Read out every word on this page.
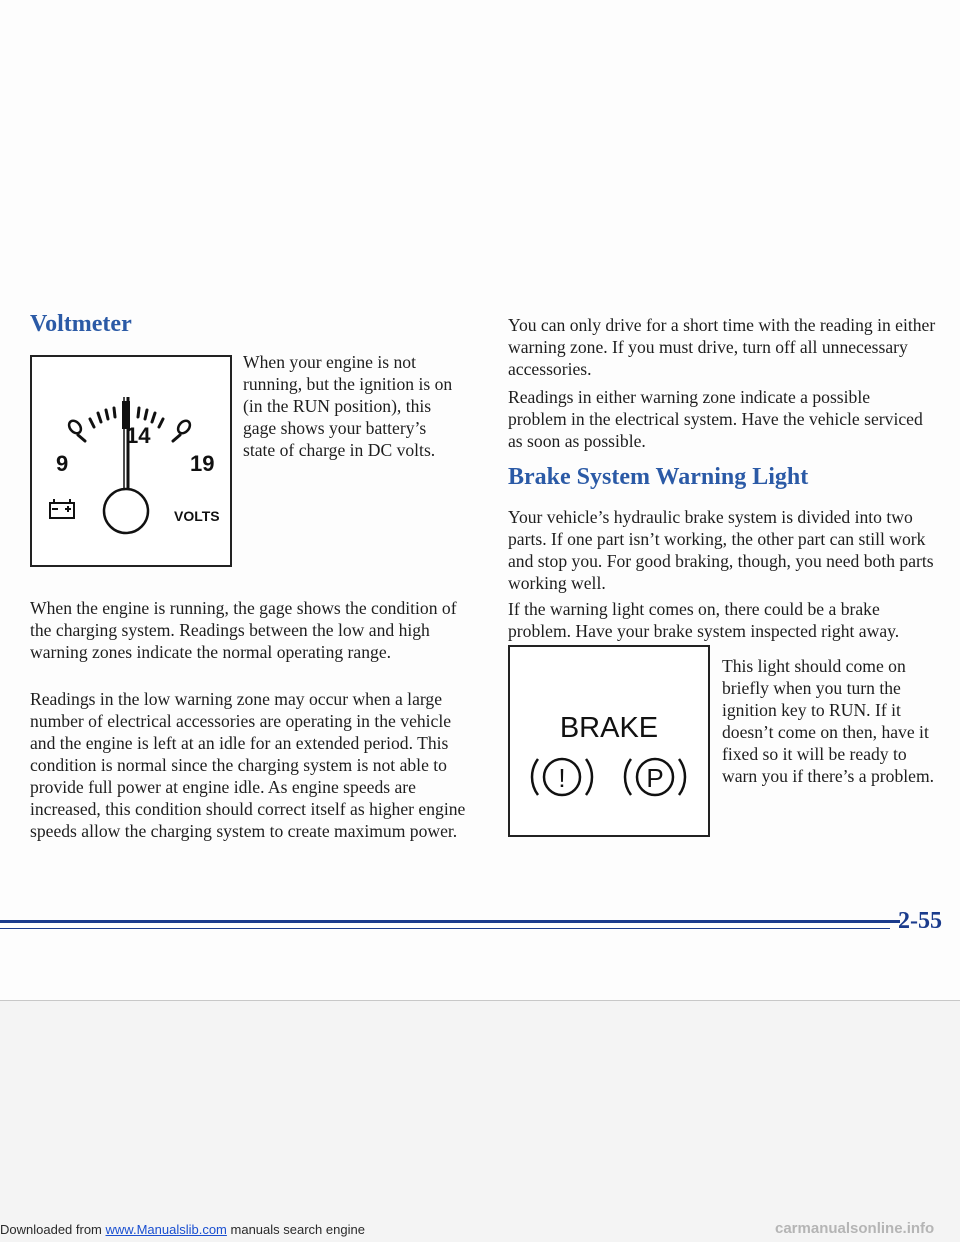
Voltmeter
9
14
19
VOLTS

When your engine is not running, but the ignition is on (in the RUN position), this gage shows your battery’s state of charge in DC volts.

When the engine is running, the gage shows the condition of the charging system. Readings between the low and high warning zones indicate the normal operating range.

Readings in the low warning zone may occur when a large number of electrical accessories are operating in the vehicle and the engine is left at an idle for an extended period. This condition is normal since the charging system is not able to provide full power at engine idle. As engine speeds are increased, this condition should correct itself as higher engine speeds allow the charging system to create maximum power.

You can only drive for a short time with the reading in either warning zone. If you must drive, turn off all unnecessary accessories.

Readings in either warning zone indicate a possible problem in the electrical system. Have the vehicle serviced as soon as possible.

Brake System Warning Light

Your vehicle’s hydraulic brake system is divided into two parts. If one part isn’t working, the other part can still work and stop you. For good braking, though, you need both parts working well.

If the warning light comes on, there could be a brake problem. Have your brake system inspected right away.

BRAKE
!	P

This light should come on briefly when you turn the ignition key to RUN. If it doesn’t come on then, have it fixed so it will be ready to warn you if there’s a problem.

2-55
Downloaded from www.Manualslib.com manuals search engine	carmanualsonline.info
